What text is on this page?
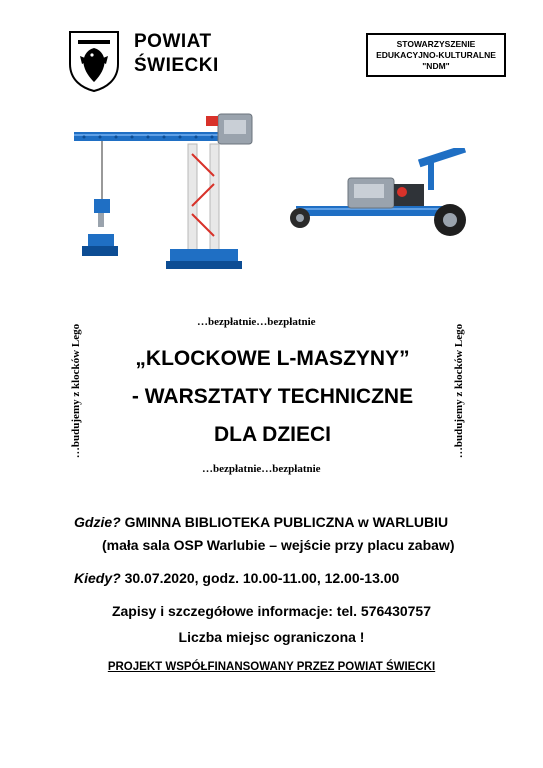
POWIAT
ŚWIECKI
STOWARZYSZENIE
EDUKACYJNO-KULTURALNE
"NDM"
…bezpłatnie…bezpłatnie
…budujemy z klocków Lego	…budujemy z klocków Lego
„KLOCKOWE L-MASZYNY”
- WARSZTATY TECHNICZNE
DLA DZIECI
…bezpłatnie…bezpłatnie
Gdzie? GMINNA BIBLIOTEKA PUBLICZNA w WARLUBIU
(mała sala OSP Warlubie – wejście przy placu zabaw)
Kiedy? 30.07.2020, godz. 10.00-11.00, 12.00-13.00
Zapisy i szczegółowe informacje: tel. 576430757
Liczba miejsc ograniczona !
PROJEKT WSPÓŁFINANSOWANY PRZEZ POWIAT ŚWIECKI
